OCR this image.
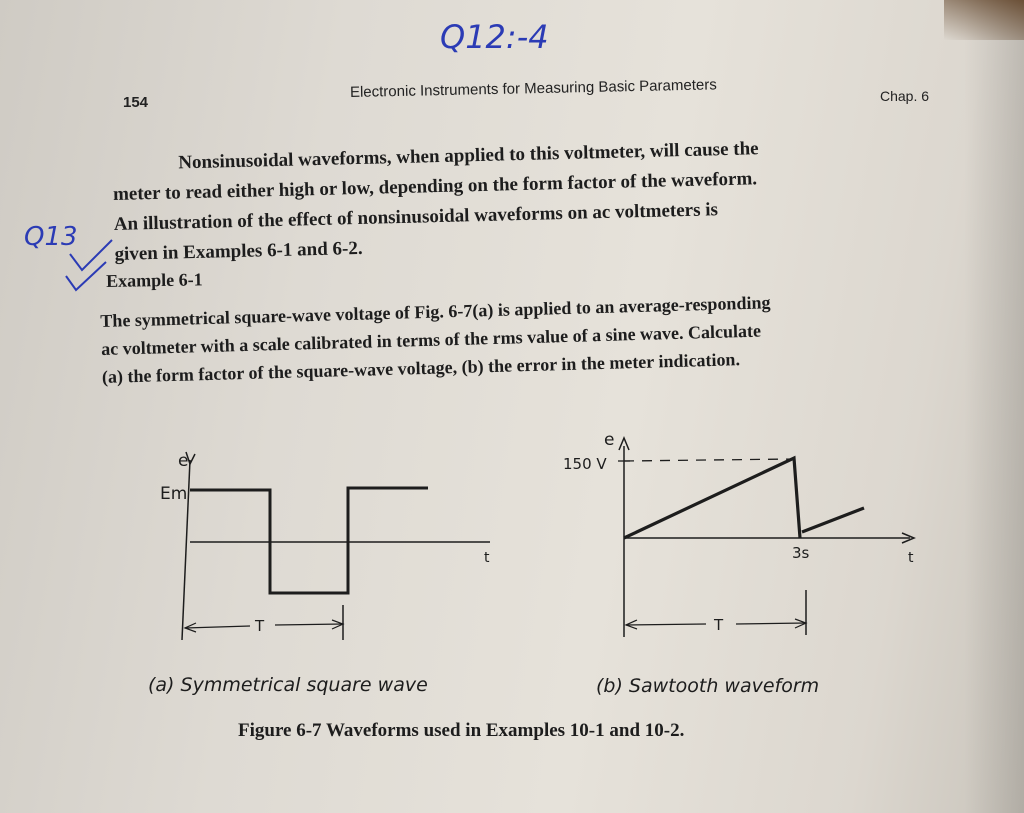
Q12:-4
Q13
154
Electronic Instruments for Measuring Basic Parameters	Chap. 6

Nonsinusoidal waveforms, when applied to this voltmeter, will cause the

meter to read either high or low, depending on the form factor of the waveform.

An illustration of the effect of nonsinusoidal waveforms on ac voltmeters is

given in Examples 6-1 and 6-2.

Example 6-1

The symmetrical square-wave voltage of Fig. 6-7(a) is applied to an average-responding

ac voltmeter with a scale calibrated in terms of the rms value of a sine wave. Calculate

(a) the form factor of the square-wave voltage, (b) the error in the meter indication.

e
Em
t
T
e
150 V
t
3s
T
(a) Symmetrical square wave	(b) Sawtooth waveform
Figure 6-7 Waveforms used in Examples 10-1 and 10-2.
